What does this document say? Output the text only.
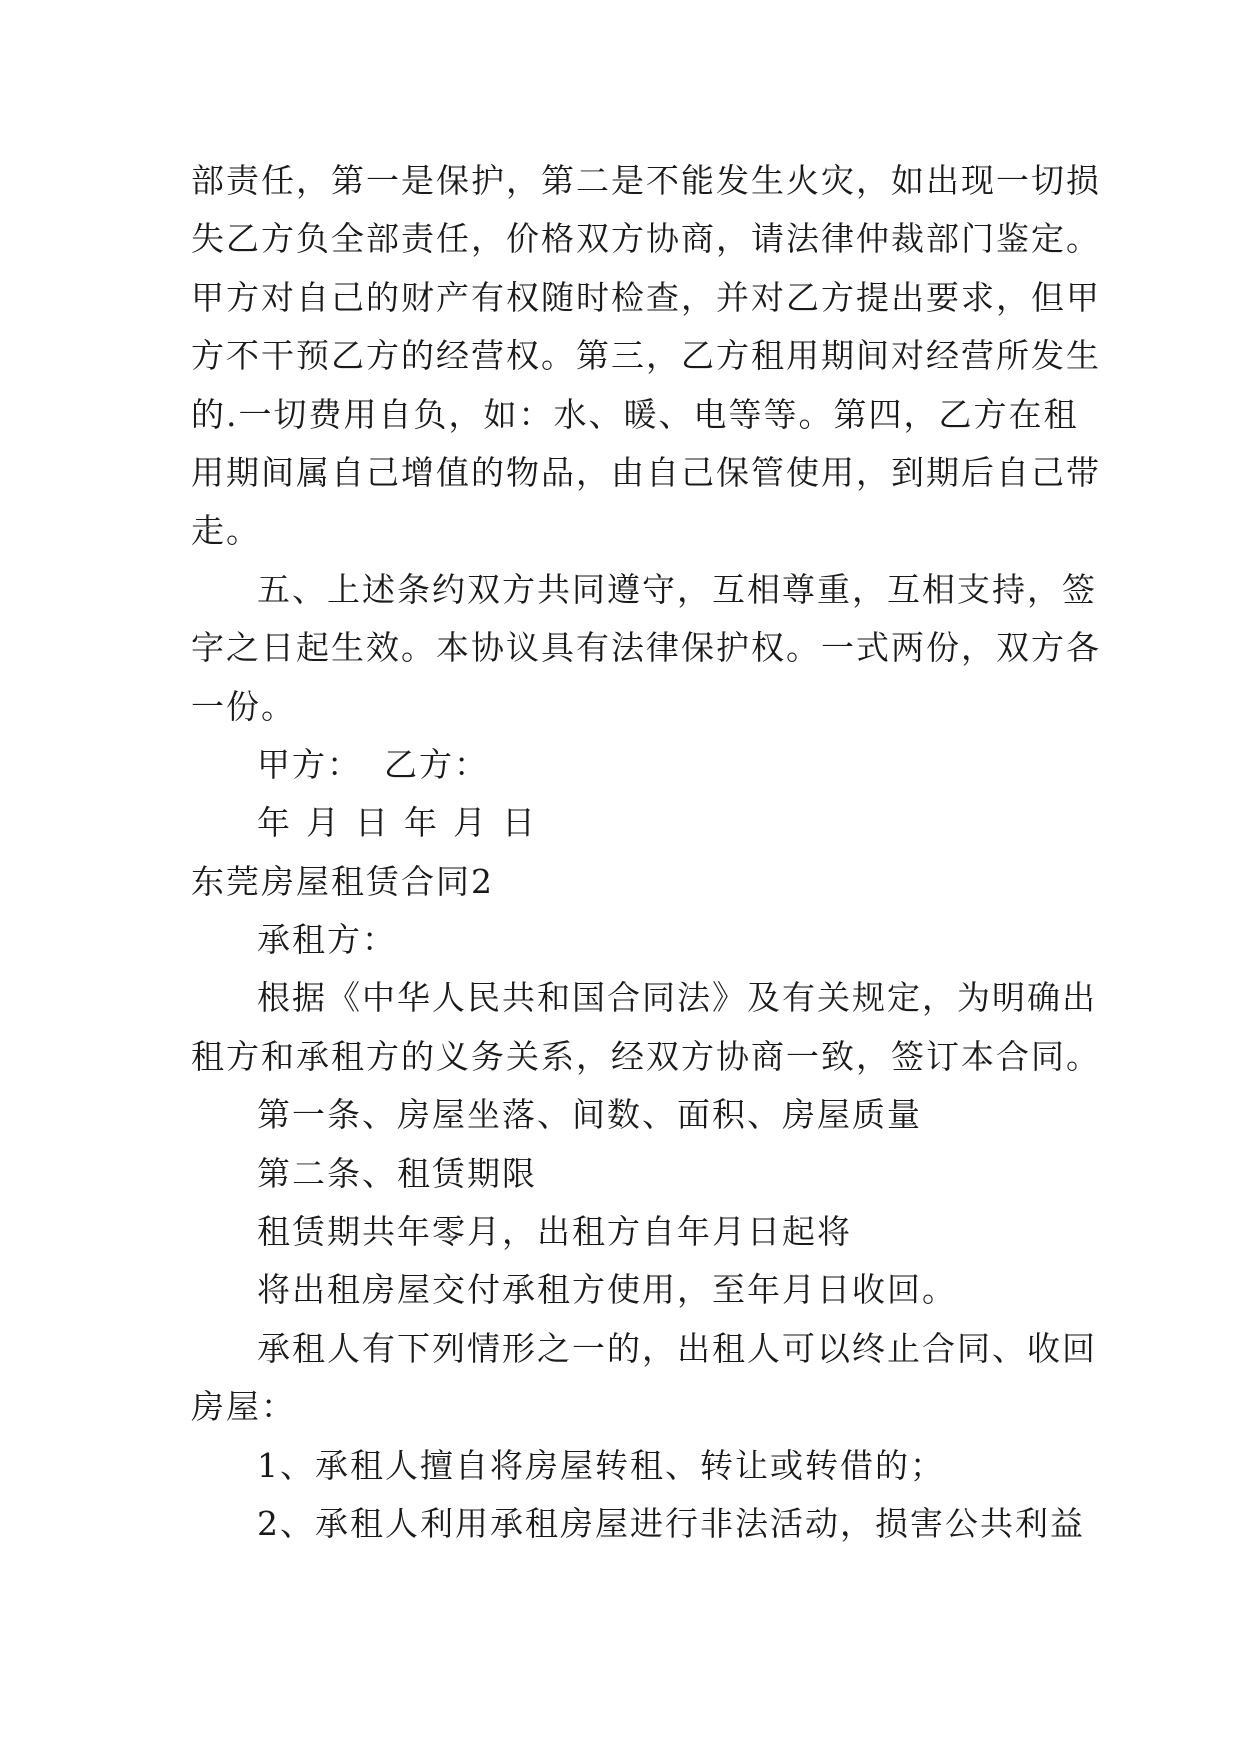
部责任，第一是保护，第二是不能发生火灾，如出现一切损
失乙方负全部责任，价格双方协商，请法律仲裁部门鉴定。
甲方对自己的财产有权随时检查，并对乙方提出要求，但甲
方不干预乙方的经营权。第三，乙方租用期间对经营所发生
的.一切费用自负，如：水、暖、电等等。第四，乙方在租
用期间属自己增值的物品，由自己保管使用，到期后自己带
走。
五、上述条约双方共同遵守，互相尊重，互相支持，签
字之日起生效。本协议具有法律保护权。一式两份，双方各
一份。
甲方： 乙方：
年 月 日 年 月 日
东莞房屋租赁合同2
承租方：
根据《中华人民共和国合同法》及有关规定，为明确出
租方和承租方的义务关系，经双方协商一致，签订本合同。
第一条、房屋坐落、间数、面积、房屋质量
第二条、租赁期限
租赁期共年零月，出租方自年月日起将
将出租房屋交付承租方使用，至年月日收回。
承租人有下列情形之一的，出租人可以终止合同、收回
房屋：
1、承租人擅自将房屋转租、转让或转借的；
2、承租人利用承租房屋进行非法活动，损害公共利益
